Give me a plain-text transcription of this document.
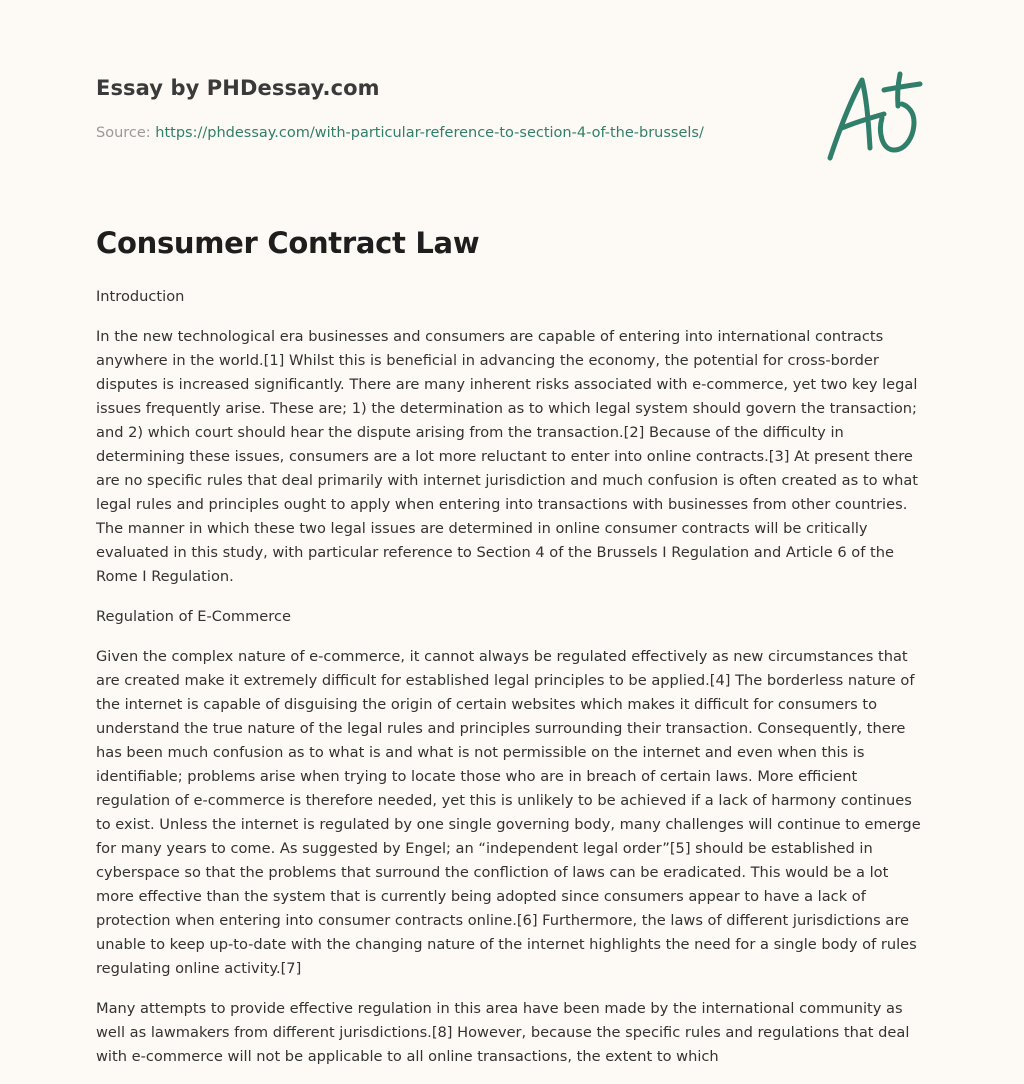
Essay by PHDessay.com
Source: https://phdessay.com/with-particular-reference-to-section-4-of-the-brussels/
Consumer Contract Law

Introduction

In the new technological era businesses and consumers are capable of entering into international contracts anywhere in the world.[1] Whilst this is beneficial in advancing the economy, the potential for cross-border disputes is increased significantly. There are many inherent risks associated with e-commerce, yet two key legal issues frequently arise. These are; 1) the determination as to which legal system should govern the transaction; and 2) which court should hear the dispute arising from the transaction.[2] Because of the difficulty in determining these issues, consumers are a lot more reluctant to enter into online contracts.[3] At present there are no specific rules that deal primarily with internet jurisdiction and much confusion is often created as to what legal rules and principles ought to apply when entering into transactions with businesses from other countries. The manner in which these two legal issues are determined in online consumer contracts will be critically evaluated in this study, with particular reference to Section 4 of the Brussels I Regulation and Article 6 of the Rome I Regulation.

Regulation of E-Commerce

Given the complex nature of e-commerce, it cannot always be regulated effectively as new circumstances that are created make it extremely difficult for established legal principles to be applied.[4] The borderless nature of the internet is capable of disguising the origin of certain websites which makes it difficult for consumers to understand the true nature of the legal rules and principles surrounding their transaction. Consequently, there has been much confusion as to what is and what is not permissible on the internet and even when this is identifiable; problems arise when trying to locate those who are in breach of certain laws. More efficient regulation of e-commerce is therefore needed, yet this is unlikely to be achieved if a lack of harmony continues to exist. Unless the internet is regulated by one single governing body, many challenges will continue to emerge for many years to come. As suggested by Engel; an “independent legal order”[5] should be established in cyberspace so that the problems that surround the confliction of laws can be eradicated. This would be a lot more effective than the system that is currently being adopted since consumers appear to have a lack of protection when entering into consumer contracts online.[6] Furthermore, the laws of different jurisdictions are unable to keep up-to-date with the changing nature of the internet highlights the need for a single body of rules regulating online activity.[7]

Many attempts to provide effective regulation in this area have been made by the international community as well as lawmakers from different jurisdictions.[8] However, because the specific rules and regulations that deal with e-commerce will not be applicable to all online transactions, the extent to which
